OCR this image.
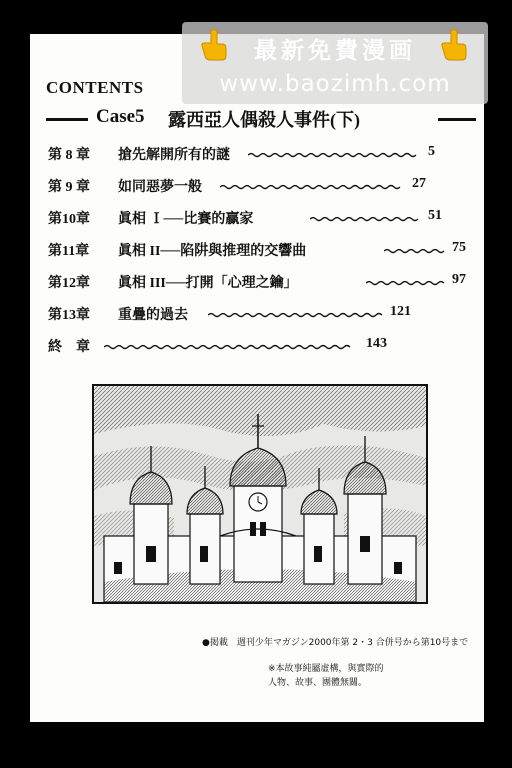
CONTENTS
Case5 露西亞人偶殺人事件(下)
第 8 章 搶先解開所有的謎	5
第 9 章 如同惡夢一般	27
第10章 眞相 Ｉ──比賽的贏家	51
第11章 眞相 II──陷阱與推理的交響曲	75
第12章 眞相 III──打開「心理之鑰」	97
第13章 重疊的過去	121
終　章	143
●掲載　週刊少年マガジン2000年第 2・3 合併号から第10号まで
※本故事純屬虛構，與實際的
人物、故事、團體無關。
最新免費漫画
www.baozimh.com
